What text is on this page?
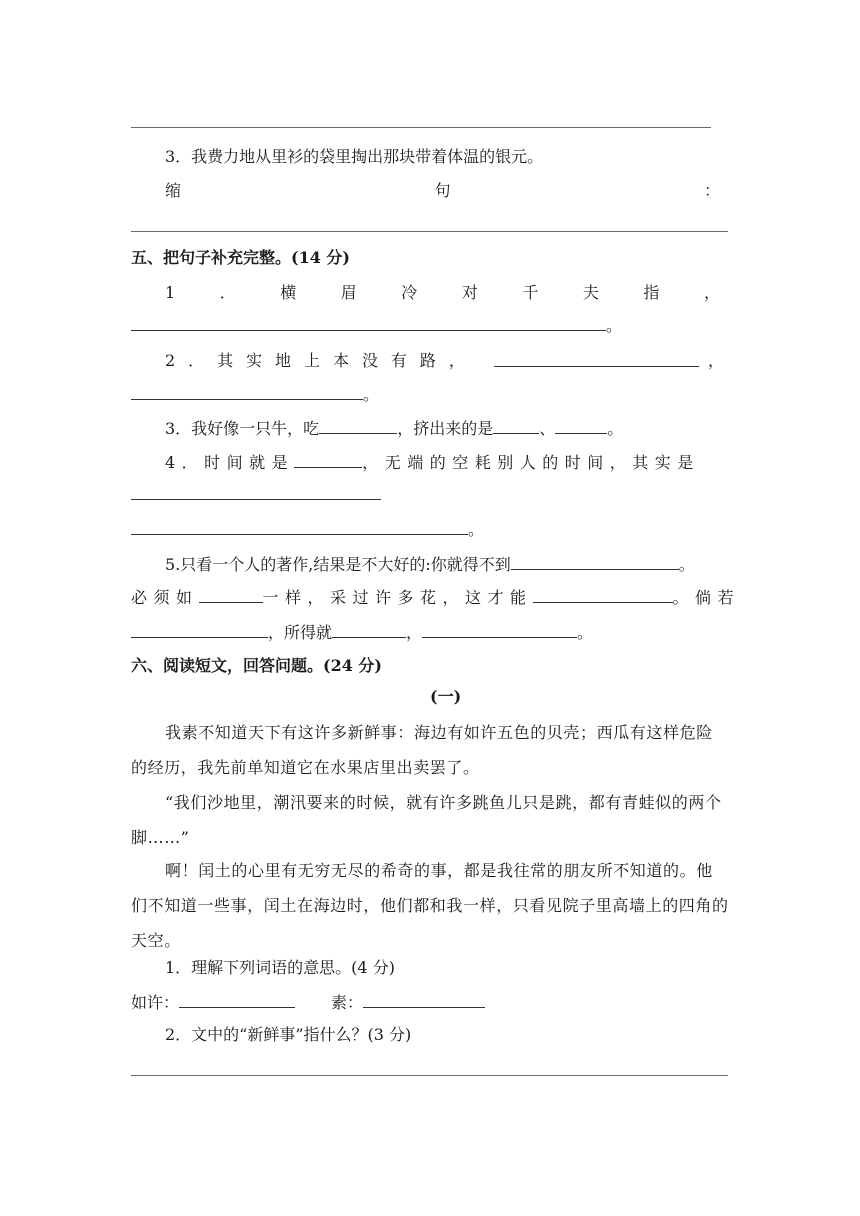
3．我费力地从里衫的袋里掏出那块带着体温的银元。
缩	句	：
五、把句子补充完整。(14 分)
1	．	横	眉	冷	对	千	夫	指	，
。
2 ． 其 实 地 上 本 没 有 路 ，	，
。
3．我好像一只牛，吃	，挤出来的是	、	。
4．时间就是	，无端的空耗别人的时间，其实是
。
5.只看一个人的著作,结果是不大好的:你就得不到	。
必须如	一样，采过许多花，这才能	。倘若
，所得就	，	。
六、阅读短文，回答问题。(24 分)
(一)
我素不知道天下有这许多新鲜事：海边有如许五色的贝壳；西瓜有这样危险的经历，我先前单知道它在水果店里出卖罢了。
“我们沙地里，潮汛要来的时候，就有许多跳鱼儿只是跳，都有青蛙似的两个脚……”
啊！闰土的心里有无穷无尽的希奇的事，都是我往常的朋友所不知道的。他们不知道一些事，闰土在海边时，他们都和我一样，只看见院子里高墙上的四角的天空。
1．理解下列词语的意思。(4 分)
如许：	素：
2．文中的“新鲜事”指什么？(3 分)
